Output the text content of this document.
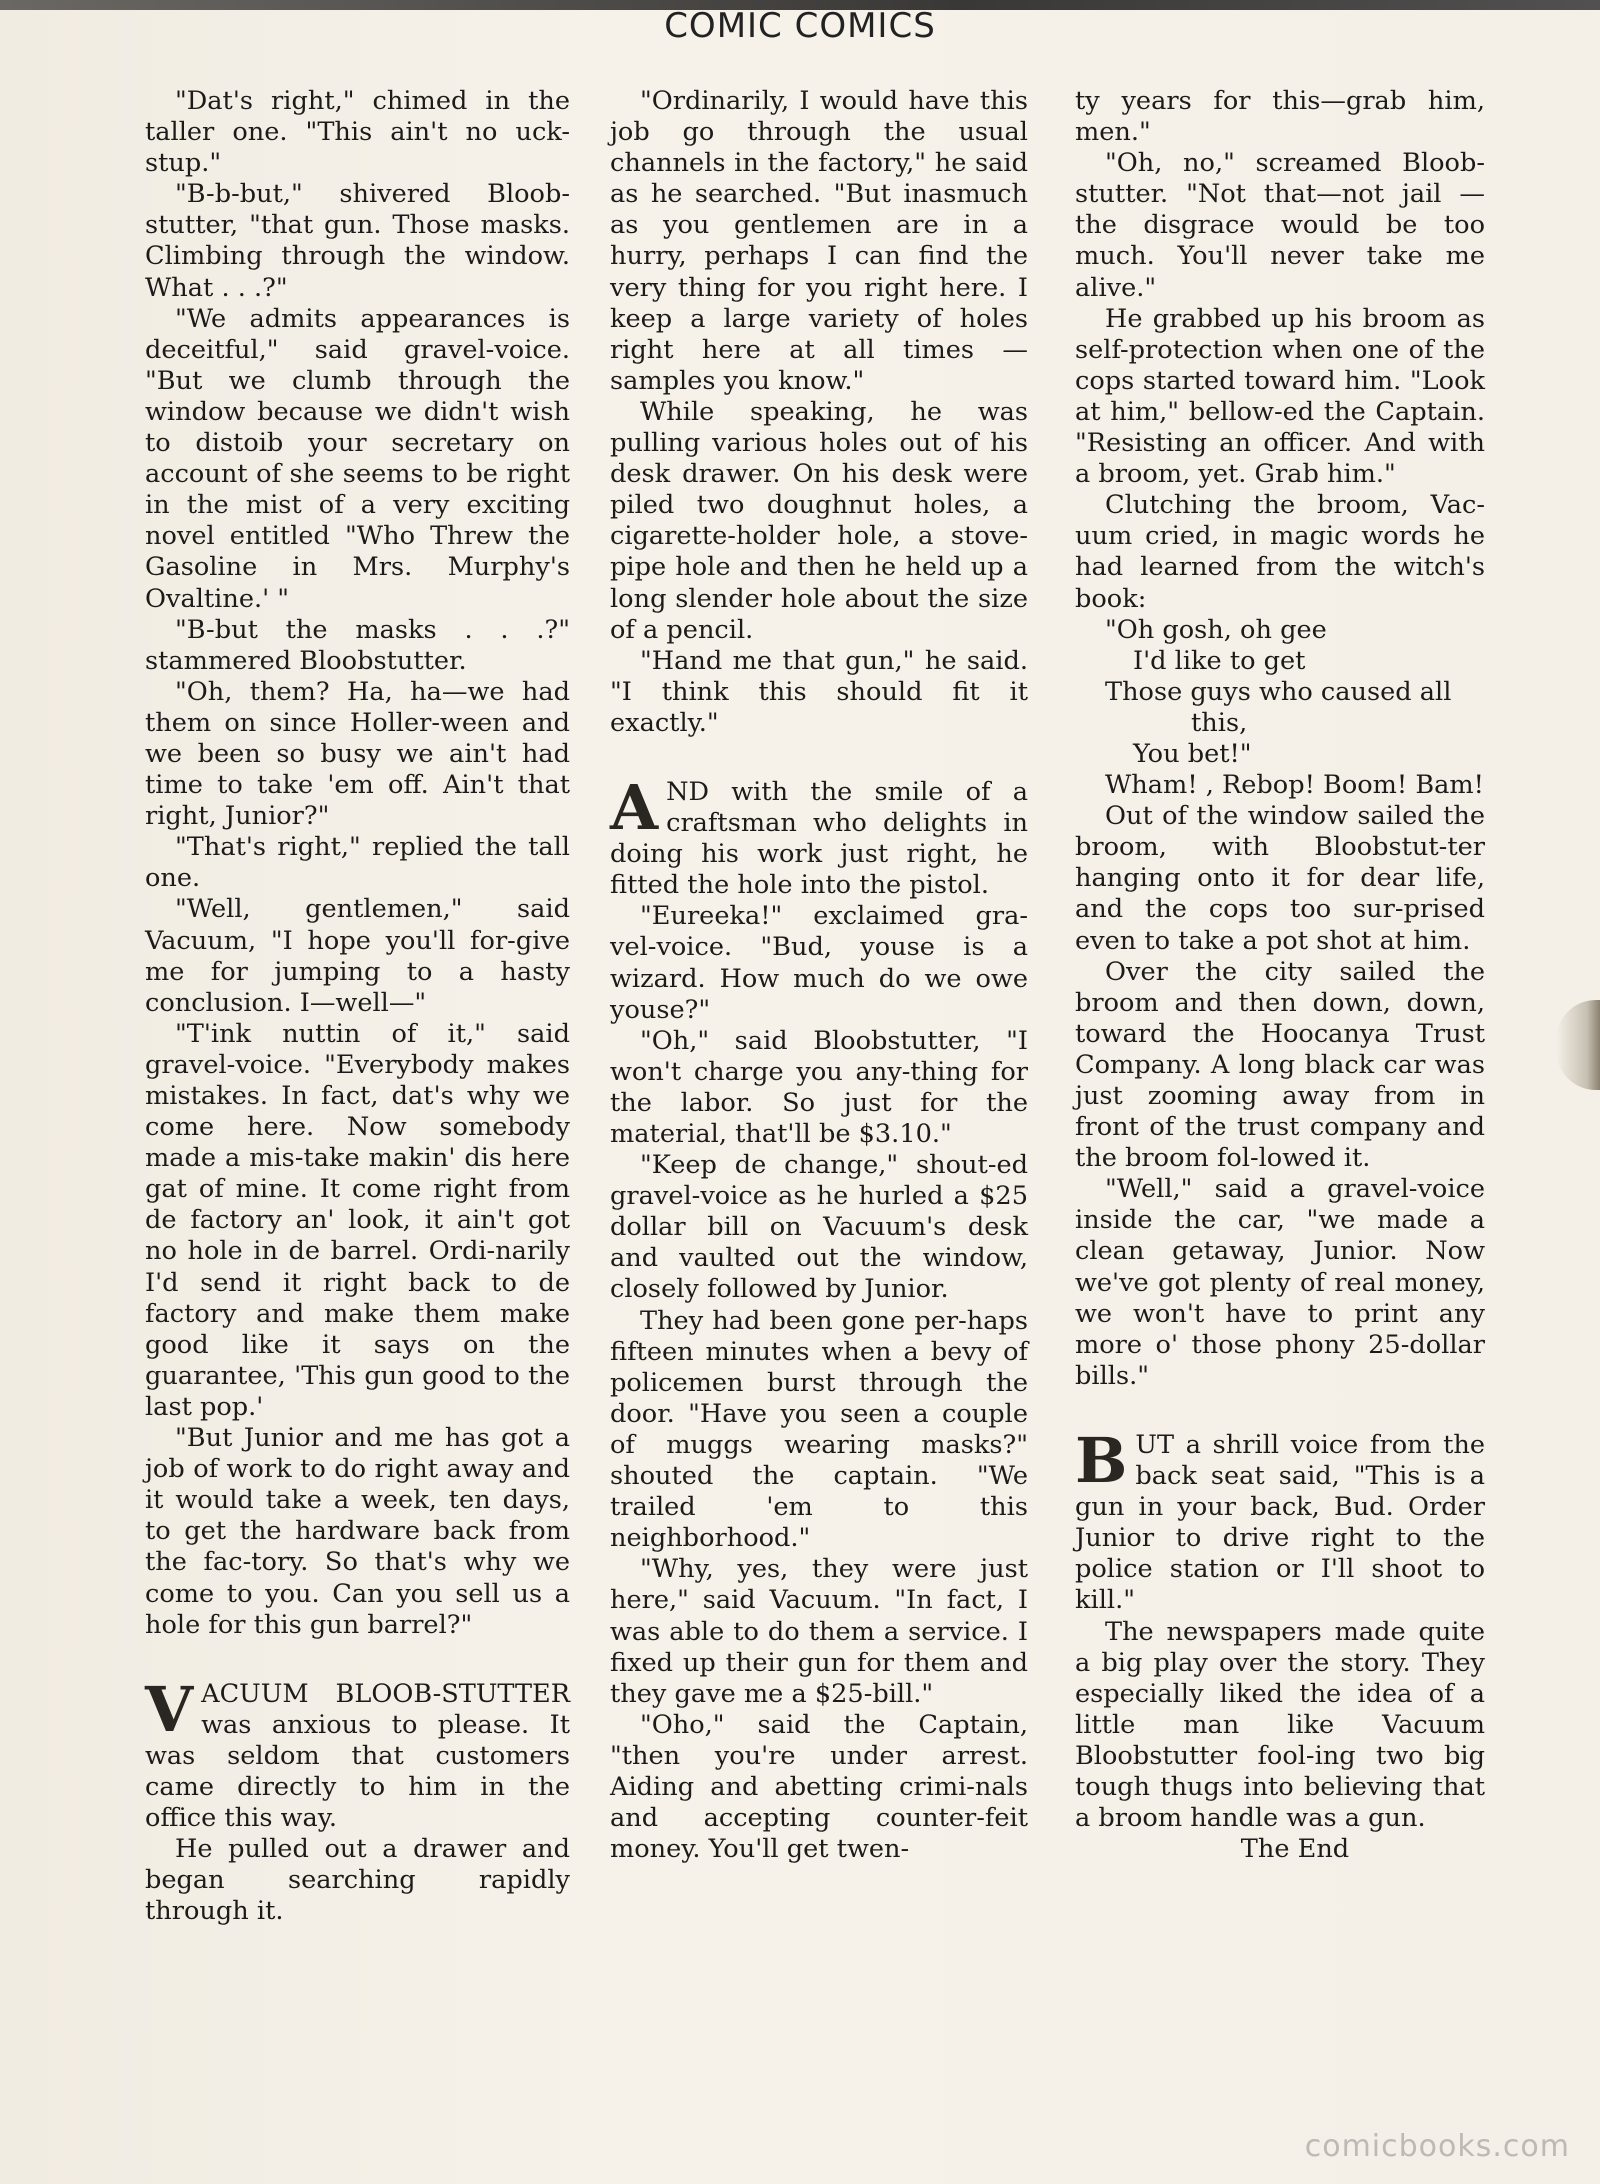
COMIC COMICS

"Dat's right," chimed in the taller one. "This ain't no uck-stup."

"B-b-but," shivered Bloob-stutter, "that gun. Those masks. Climbing through the window. What . . .?"

"We admits appearances is deceitful," said gravel-voice. "But we clumb through the window because we didn't wish to distoib your secretary on account of she seems to be right in the mist of a very exciting novel entitled "Who Threw the Gasoline in Mrs. Murphy's Ovaltine.' "

"B-but the masks . . .?" stammered Bloobstutter.

"Oh, them? Ha, ha—we had them on since Holler-ween and we been so busy we ain't had time to take 'em off. Ain't that right, Junior?"

"That's right," replied the tall one.

"Well, gentlemen," said Vacuum, "I hope you'll for-give me for jumping to a hasty conclusion. I—well—"

"T'ink nuttin of it," said gravel-voice. "Everybody makes mistakes. In fact, dat's why we come here. Now somebody made a mis-take makin' dis here gat of mine. It come right from de factory an' look, it ain't got no hole in de barrel. Ordi-narily I'd send it right back to de factory and make them make good like it says on the guarantee, 'This gun good to the last pop.'

"But Junior and me has got a job of work to do right away and it would take a week, ten days, to get the hardware back from the fac-tory. So that's why we come to you. Can you sell us a hole for this gun barrel?"

VACUUM BLOOB-STUTTER was anxious to please. It was seldom that customers came directly to him in the office this way.

He pulled out a drawer and began searching rapidly through it.

"Ordinarily, I would have this job go through the usual channels in the factory," he said as he searched. "But inasmuch as you gentlemen are in a hurry, perhaps I can find the very thing for you right here. I keep a large variety of holes right here at all times — samples you know."

While speaking, he was pulling various holes out of his desk drawer. On his desk were piled two doughnut holes, a cigarette-holder hole, a stove-pipe hole and then he held up a long slender hole about the size of a pencil.

"Hand me that gun," he said. "I think this should fit it exactly."

AND with the smile of a craftsman who delights in doing his work just right, he fitted the hole into the pistol.

"Eureeka!" exclaimed gra-vel-voice. "Bud, youse is a wizard. How much do we owe youse?"

"Oh," said Bloobstutter, "I won't charge you any-thing for the labor. So just for the material, that'll be $3.10."

"Keep de change," shout-ed gravel-voice as he hurled a $25 dollar bill on Vacuum's desk and vaulted out the window, closely followed by Junior.

They had been gone per-haps fifteen minutes when a bevy of policemen burst through the door. "Have you seen a couple of muggs wearing masks?" shouted the captain. "We trailed 'em to this neighborhood."

"Why, yes, they were just here," said Vacuum. "In fact, I was able to do them a service. I fixed up their gun for them and they gave me a $25-bill."

"Oho," said the Captain, "then you're under arrest. Aiding and abetting crimi-nals and accepting counter-feit money. You'll get twen-

ty years for this—grab him, men."

"Oh, no," screamed Bloob-stutter. "Not that—not jail —the disgrace would be too much. You'll never take me alive."

He grabbed up his broom as self-protection when one of the cops started toward him. "Look at him," bellow-ed the Captain. "Resisting an officer. And with a broom, yet. Grab him."

Clutching the broom, Vac-uum cried, in magic words he had learned from the witch's book:

"Oh gosh, oh gee

I'd like to get

Those guys who caused all

this,

You bet!"

Wham! , Rebop! Boom! Bam!

Out of the window sailed the broom, with Bloobstut-ter hanging onto it for dear life, and the cops too sur-prised even to take a pot shot at him.

Over the city sailed the broom and then down, down, toward the Hoocanya Trust Company. A long black car was just zooming away from in front of the trust company and the broom fol-lowed it.

"Well," said a gravel-voice inside the car, "we made a clean getaway, Junior. Now we've got plenty of real money, we won't have to print any more o' those phony 25-dollar bills."

BUT a shrill voice from the back seat said, "This is a gun in your back, Bud. Order Junior to drive right to the police station or I'll shoot to kill."

The newspapers made quite a big play over the story. They especially liked the idea of a little man like Vacuum Bloobstutter fool-ing two big tough thugs into believing that a broom handle was a gun.

The End

comicbooks.com
